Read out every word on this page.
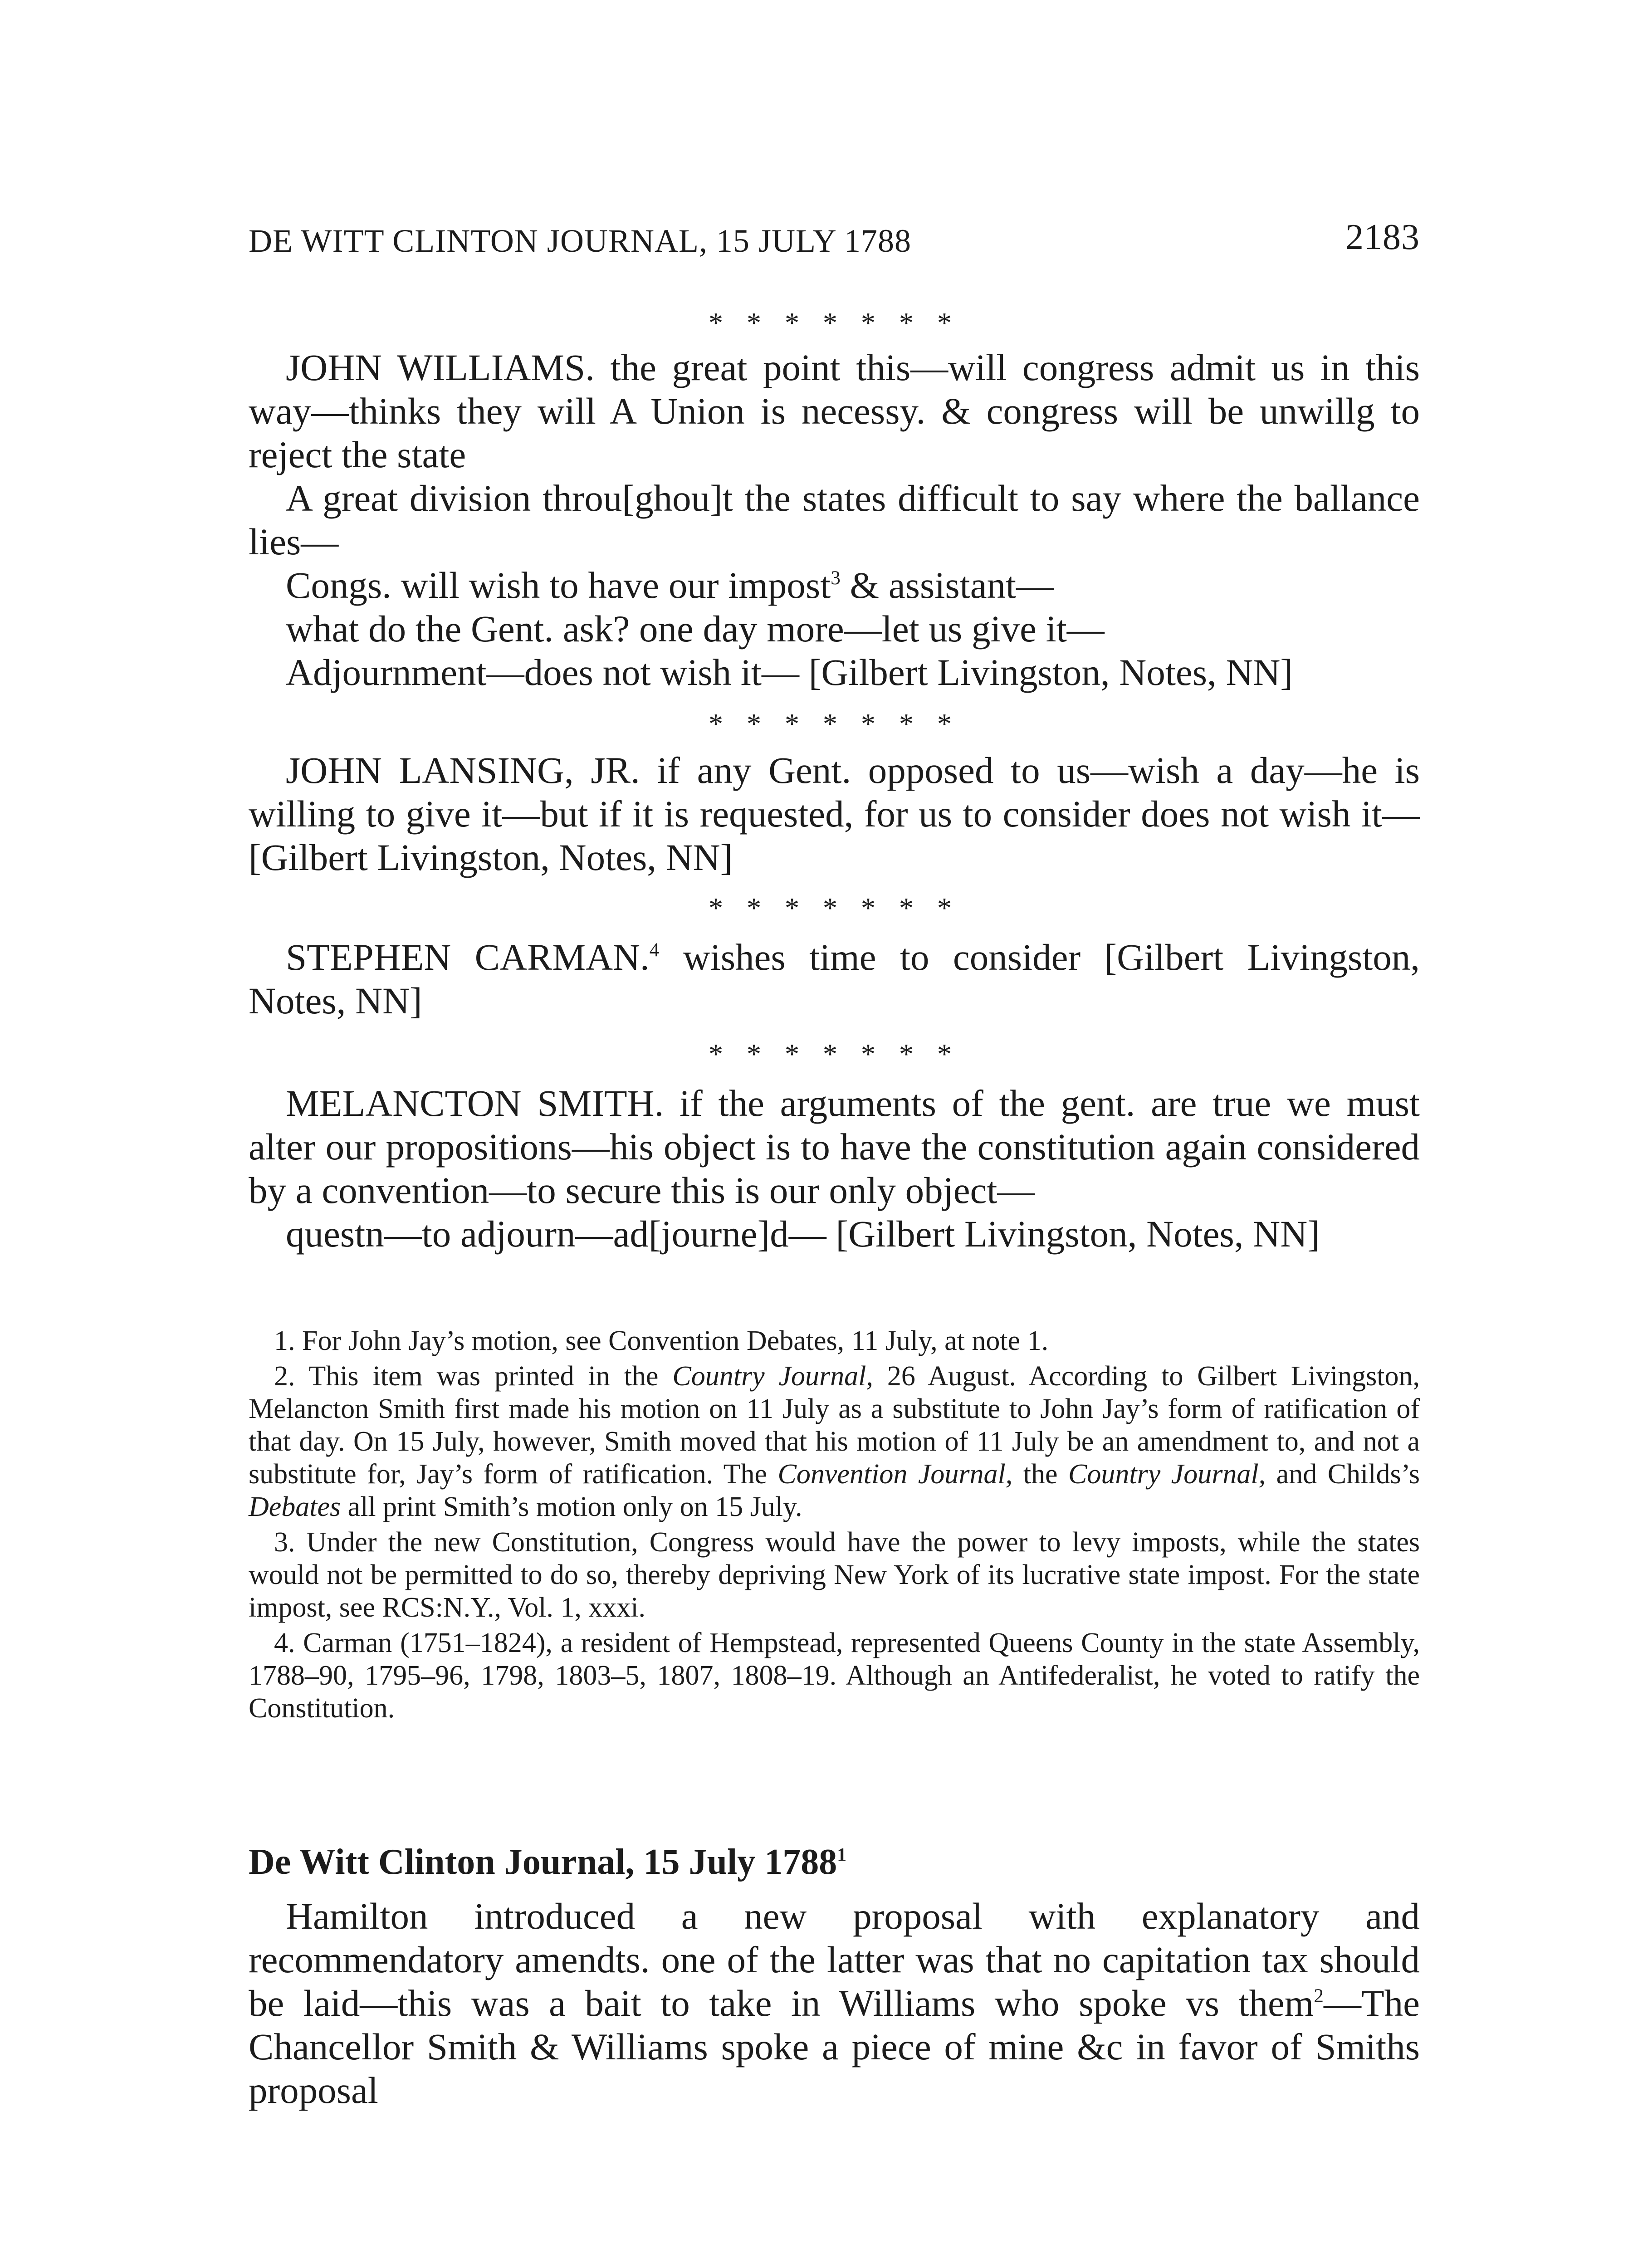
DE WITT CLINTON JOURNAL, 15 JULY 1788	2183
* * * * * * *
JOHN WILLIAMS. the great point this—will congress admit us in this way—thinks they will A Union is necessy. & congress will be unwillg to reject the state
A great division throu[ghou]t the states difficult to say where the ballance lies—
Congs. will wish to have our impost$^3$ & assistant—
what do the Gent. ask? one day more—let us give it—
Adjournment—does not wish it— [Gilbert Livingston, Notes, NN]
* * * * * * *
JOHN LANSING, JR. if any Gent. opposed to us—wish a day—he is willing to give it—but if it is requested, for us to consider does not wish it— [Gilbert Livingston, Notes, NN]
* * * * * * *
STEPHEN CARMAN.$^4$ wishes time to consider [Gilbert Livingston, Notes, NN]
* * * * * * *
MELANCTON SMITH. if the arguments of the gent. are true we must alter our propositions—his object is to have the constitution again considered by a convention—to secure this is our only object—
questn—to adjourn—ad[journe]d— [Gilbert Livingston, Notes, NN]

1. For John Jay’s motion, see Convention Debates, 11 July, at note 1.

2. This item was printed in the Country Journal, 26 August. According to Gilbert Livingston, Melancton Smith first made his motion on 11 July as a substitute to John Jay’s form of ratification of that day. On 15 July, however, Smith moved that his motion of 11 July be an amendment to, and not a substitute for, Jay’s form of ratification. The Convention Journal, the Country Journal, and Childs’s Debates all print Smith’s motion only on 15 July.

3. Under the new Constitution, Congress would have the power to levy imposts, while the states would not be permitted to do so, thereby depriving New York of its lucrative state impost. For the state impost, see RCS:N.Y., Vol. 1, xxxi.

4. Carman (1751–1824), a resident of Hempstead, represented Queens County in the state Assembly, 1788–90, 1795–96, 1798, 1803–5, 1807, 1808–19. Although an Antifederalist, he voted to ratify the Constitution.

De Witt Clinton Journal, 15 July 1788$^1$
Hamilton introduced a new proposal with explanatory and recommendatory amendts. one of the latter was that no capitation tax should be laid—this was a bait to take in Williams who spoke vs them$^2$—The Chancellor Smith & Williams spoke a piece of mine &c in favor of Smiths proposal
